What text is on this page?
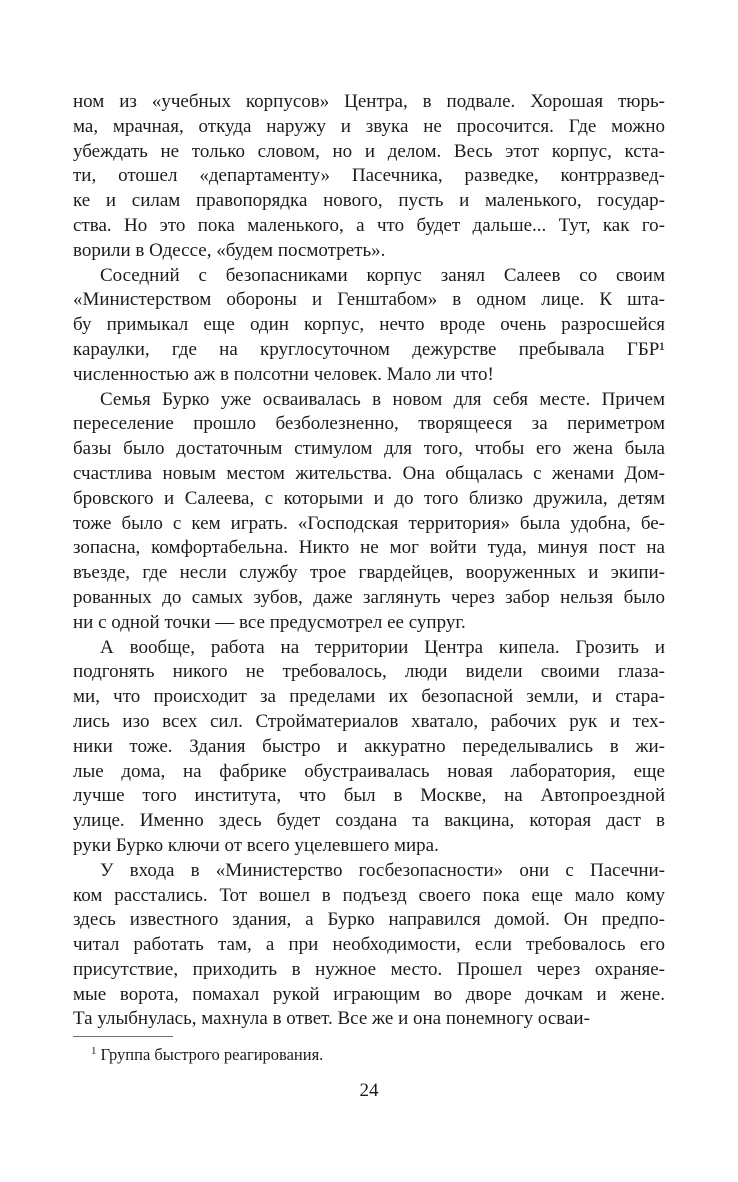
ном из «учебных корпусов» Центра, в подвале. Хорошая тюрь-
ма, мрачная, откуда наружу и звука не просочится. Где можно
убеждать не только словом, но и делом. Весь этот корпус, кста-
ти, отошел «департаменту» Пасечника, разведке, контрразвед-
ке и силам правопорядка нового, пусть и маленького, государ-
ства. Но это пока маленького, а что будет дальше... Тут, как го-
ворили в Одессе, «будем посмотреть».
Соседний с безопасниками корпус занял Салеев со своим
«Министерством обороны и Генштабом» в одном лице. К шта-
бу примыкал еще один корпус, нечто вроде очень разросшейся
караулки, где на круглосуточном дежурстве пребывала ГБР¹
численностью аж в полсотни человек. Мало ли что!
Семья Бурко уже осваивалась в новом для себя месте. Причем
переселение прошло безболезненно, творящееся за периметром
базы было достаточным стимулом для того, чтобы его жена была
счастлива новым местом жительства. Она общалась с женами Дом-
бровского и Салеева, с которыми и до того близко дружила, детям
тоже было с кем играть. «Господская территория» была удобна, бе-
зопасна, комфортабельна. Никто не мог войти туда, минуя пост на
въезде, где несли службу трое гвардейцев, вооруженных и экипи-
рованных до самых зубов, даже заглянуть через забор нельзя было
ни с одной точки — все предусмотрел ее супруг.
А вообще, работа на территории Центра кипела. Грозить и
подгонять никого не требовалось, люди видели своими глаза-
ми, что происходит за пределами их безопасной земли, и стара-
лись изо всех сил. Стройматериалов хватало, рабочих рук и тех-
ники тоже. Здания быстро и аккуратно переделывались в жи-
лые дома, на фабрике обустраивалась новая лаборатория, еще
лучше того института, что был в Москве, на Автопроездной
улице. Именно здесь будет создана та вакцина, которая даст в
руки Бурко ключи от всего уцелевшего мира.
У входа в «Министерство госбезопасности» они с Пасечни-
ком расстались. Тот вошел в подъезд своего пока еще мало кому
здесь известного здания, а Бурко направился домой. Он предпо-
читал работать там, а при необходимости, если требовалось его
присутствие, приходить в нужное место. Прошел через охраняе-
мые ворота, помахал рукой играющим во дворе дочкам и жене.
Та улыбнулась, махнула в ответ. Все же и она понемногу осваи-
$^1$ Группа быстрого реагирования.
24
